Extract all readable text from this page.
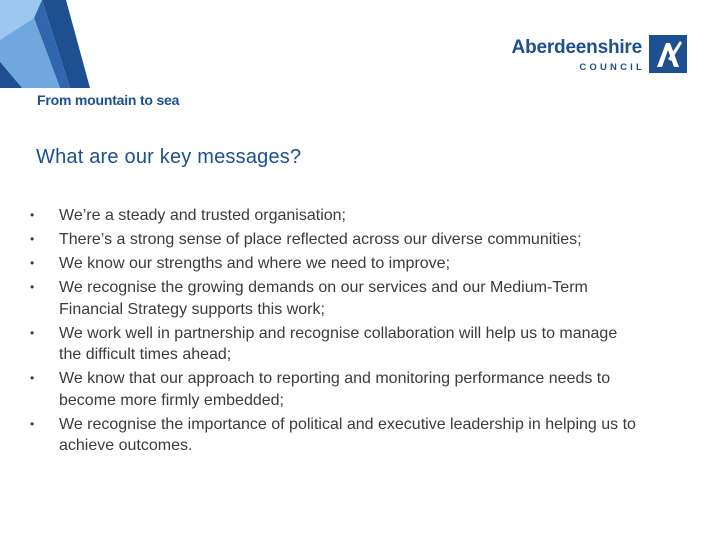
From mountain to sea
Aberdeenshire
COUNCIL
What are our key messages?
• We’re a steady and trusted organisation;
• There’s a strong sense of place reflected across our diverse communities;
• We know our strengths and where we need to improve;
• We recognise the growing demands on our services and our Medium-Term Financial Strategy supports this work;
• We work well in partnership and recognise collaboration will help us to manage the difficult times ahead;
• We know that our approach to reporting and monitoring performance needs to become more firmly embedded;
• We recognise the importance of political and executive leadership in helping us to achieve outcomes.
